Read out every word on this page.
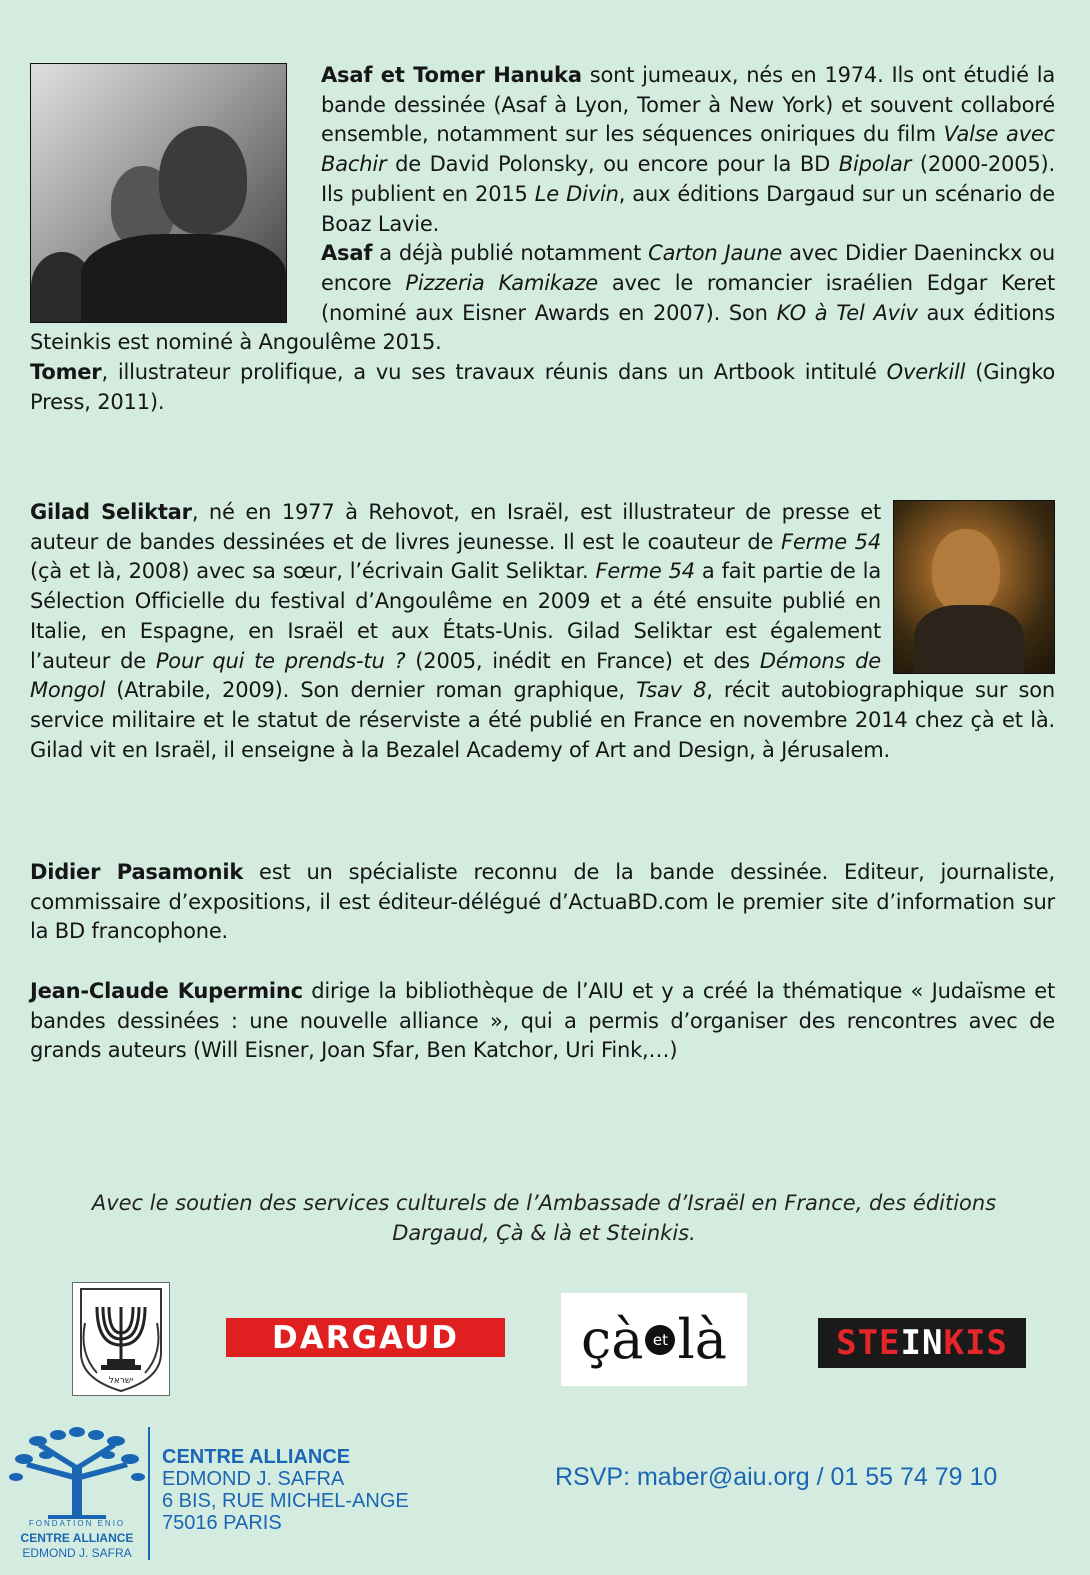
Asaf et Tomer Hanuka sont jumeaux, nés en 1974. Ils ont étudié la bande dessinée (Asaf à Lyon, Tomer à New York) et souvent collaboré ensemble, notamment sur les séquences oniriques du film Valse avec Bachir de David Polonsky, ou encore pour la BD Bipolar (2000-2005). Ils publient en 2015 Le Divin, aux éditions Dargaud sur un scénario de Boaz Lavie.
Asaf a déjà publié notamment Carton Jaune avec Didier Daeninckx ou encore Pizzeria Kamikaze avec le romancier israélien Edgar Keret (nominé aux Eisner Awards en 2007). Son KO à Tel Aviv aux éditions Steinkis est nominé à Angoulême 2015.
Tomer, illustrateur prolifique, a vu ses travaux réunis dans un Artbook intitulé Overkill (Gingko Press, 2011).
Gilad Seliktar, né en 1977 à Rehovot, en Israël, est illustrateur de presse et auteur de bandes dessinées et de livres jeunesse. Il est le coauteur de Ferme 54 (çà et là, 2008) avec sa sœur, l’écrivain Galit Seliktar. Ferme 54 a fait partie de la Sélection Officielle du festival d’Angoulême en 2009 et a été ensuite publié en Italie, en Espagne, en Israël et aux États-Unis. Gilad Seliktar est également l’auteur de Pour qui te prends-tu ? (2005, inédit en France) et des Démons de Mongol (Atrabile, 2009). Son dernier roman graphique, Tsav 8, récit autobiographique sur son service militaire et le statut de réserviste a été publié en France en novembre 2014 chez çà et là. Gilad vit en Israël, il enseigne à la Bezalel Academy of Art and Design, à Jérusalem.
Didier Pasamonik est un spécialiste reconnu de la bande dessinée. Editeur, journaliste, commissaire d’expositions, il est éditeur-délégué d’ActuaBD.com le premier site d’information sur la BD francophone.
Jean-Claude Kuperminc dirige la bibliothèque de l’AIU et y a créé la thématique « Judaïsme et bandes dessinées : une nouvelle alliance », qui a permis d’organiser des rencontres avec de grands auteurs (Will Eisner, Joan Sfar, Ben Katchor, Uri Fink,…)
Avec le soutien des services culturels de l’Ambassade d’Israël en France, des éditions Dargaud, Çà & là et Steinkis.
ישראל
DARGAUD	çà et là	STE IN KIS
FONDATION ENIO
CENTRE ALLIANCE
EDMOND J. SAFRA
CENTRE ALLIANCE
EDMOND J. SAFRA
6 BIS, RUE MICHEL-ANGE
75016 PARIS
RSVP: maber@aiu.org / 01 55 74 79 10
